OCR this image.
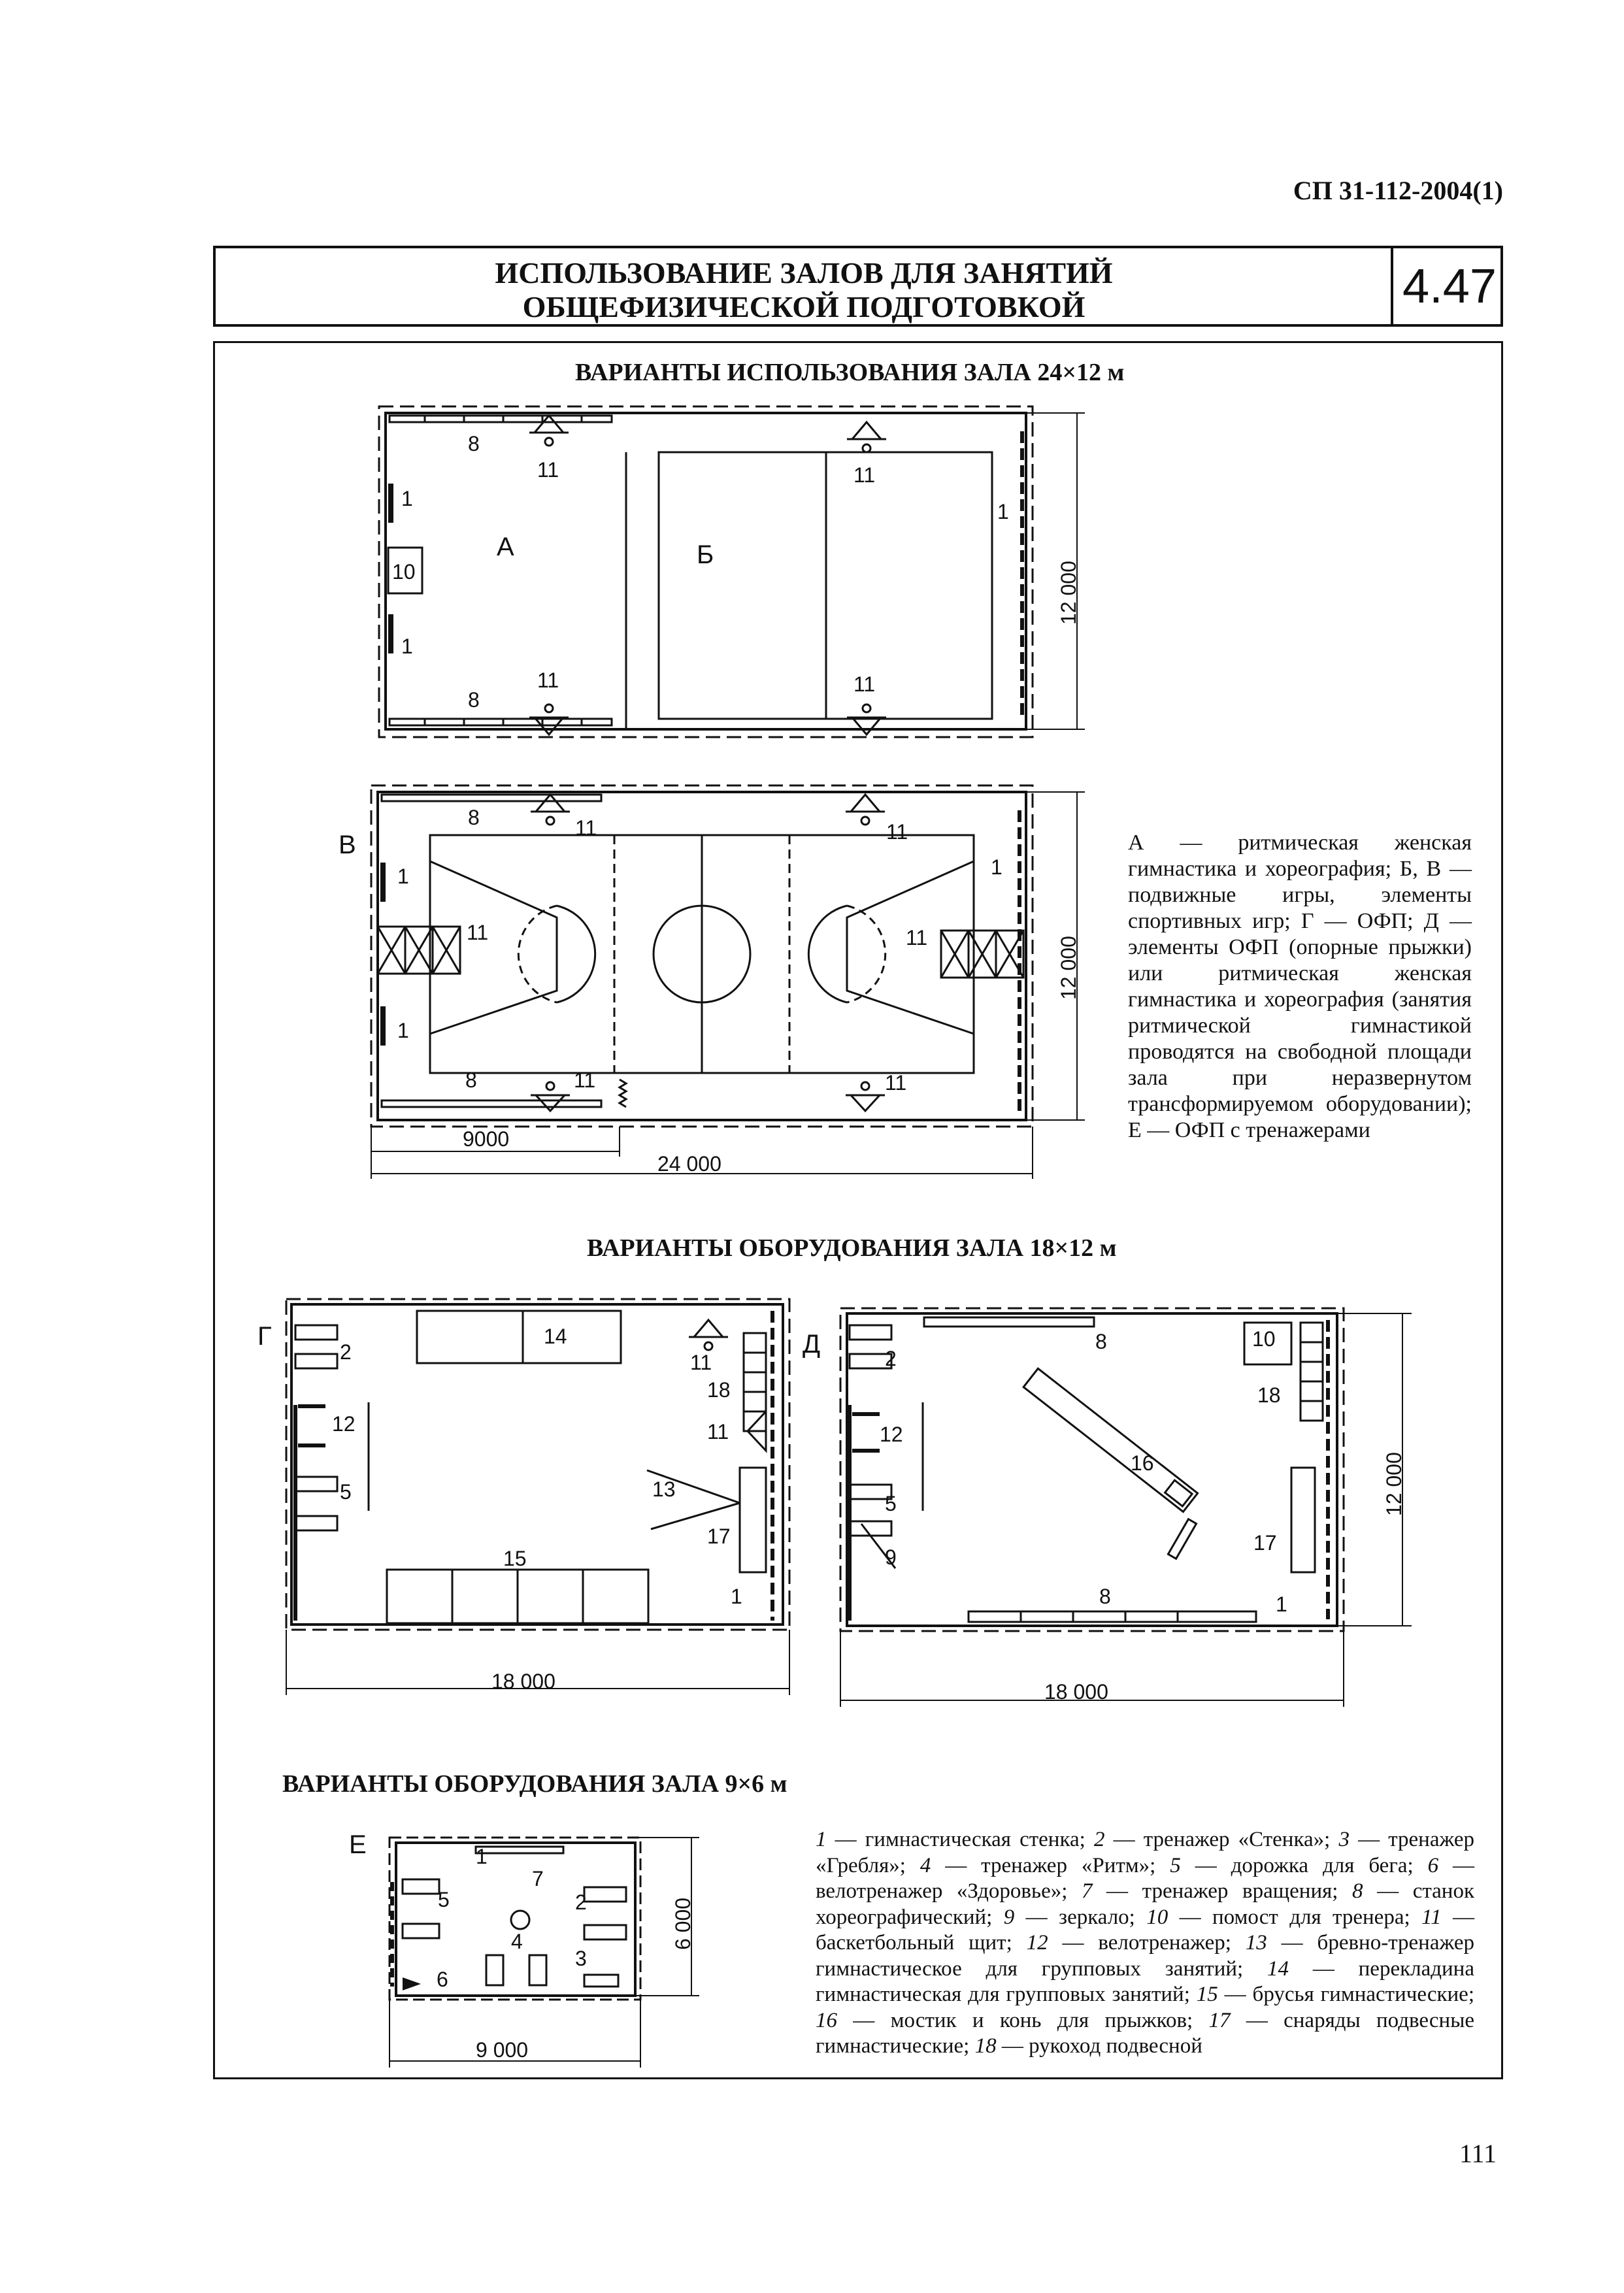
СП 31-112-2004(1)
ИСПОЛЬЗОВАНИЕ ЗАЛОВ ДЛЯ ЗАНЯТИЙ
ОБЩЕФИЗИЧЕСКОЙ ПОДГОТОВКОЙ	4.47
ВАРИАНТЫ ИСПОЛЬЗОВАНИЯ ЗАЛА 24×12 м
ВАРИАНТЫ ОБОРУДОВАНИЯ ЗАЛА 18×12 м
ВАРИАНТЫ ОБОРУДОВАНИЯ ЗАЛА 9×6 м
А	Б
8
8
11
11
11
11
1
1
1
10	12 000
В
8	11	11
1
1
1
11	11
8	11	11
12 000
9000
24 000
Г
2
12
5
14
11
18
11
13
17
1
15
18 000
Д	2
12
5
9
8	10
18
16
17
8	1
12 000
18 000
Е	1
7
5	2
4
6
3
6 000
9 000
А — ритмическая женская гимнастика и хореография; Б, В — подвижные игры, элементы спортивных игр; Г — ОФП; Д — элементы ОФП (опорные прыжки) или ритмическая женская гимнастика и хореография (занятия ритмической гимнастикой проводятся на свободной площади зала при неразвернутом трансформируемом оборудовании); Е — ОФП с тренажерами
1 — гимнастическая стенка; 2 — тренажер «Стенка»; 3 — тренажер «Гребля»; 4 — тренажер «Ритм»; 5 — дорожка для бега; 6 — велотренажер «Здоровье»; 7 — тренажер вращения; 8 — станок хореографический; 9 — зеркало; 10 — помост для тренера; 11 — баскетбольный щит; 12 — велотренажер; 13 — бревно-тренажер гимнастическое для групповых занятий; 14 — перекладина гимнастическая для групповых занятий; 15 — брусья гимнастические; 16 — мостик и конь для прыжков; 17 — снаряды подвесные гимнастические; 18 — рукоход подвесной
111
